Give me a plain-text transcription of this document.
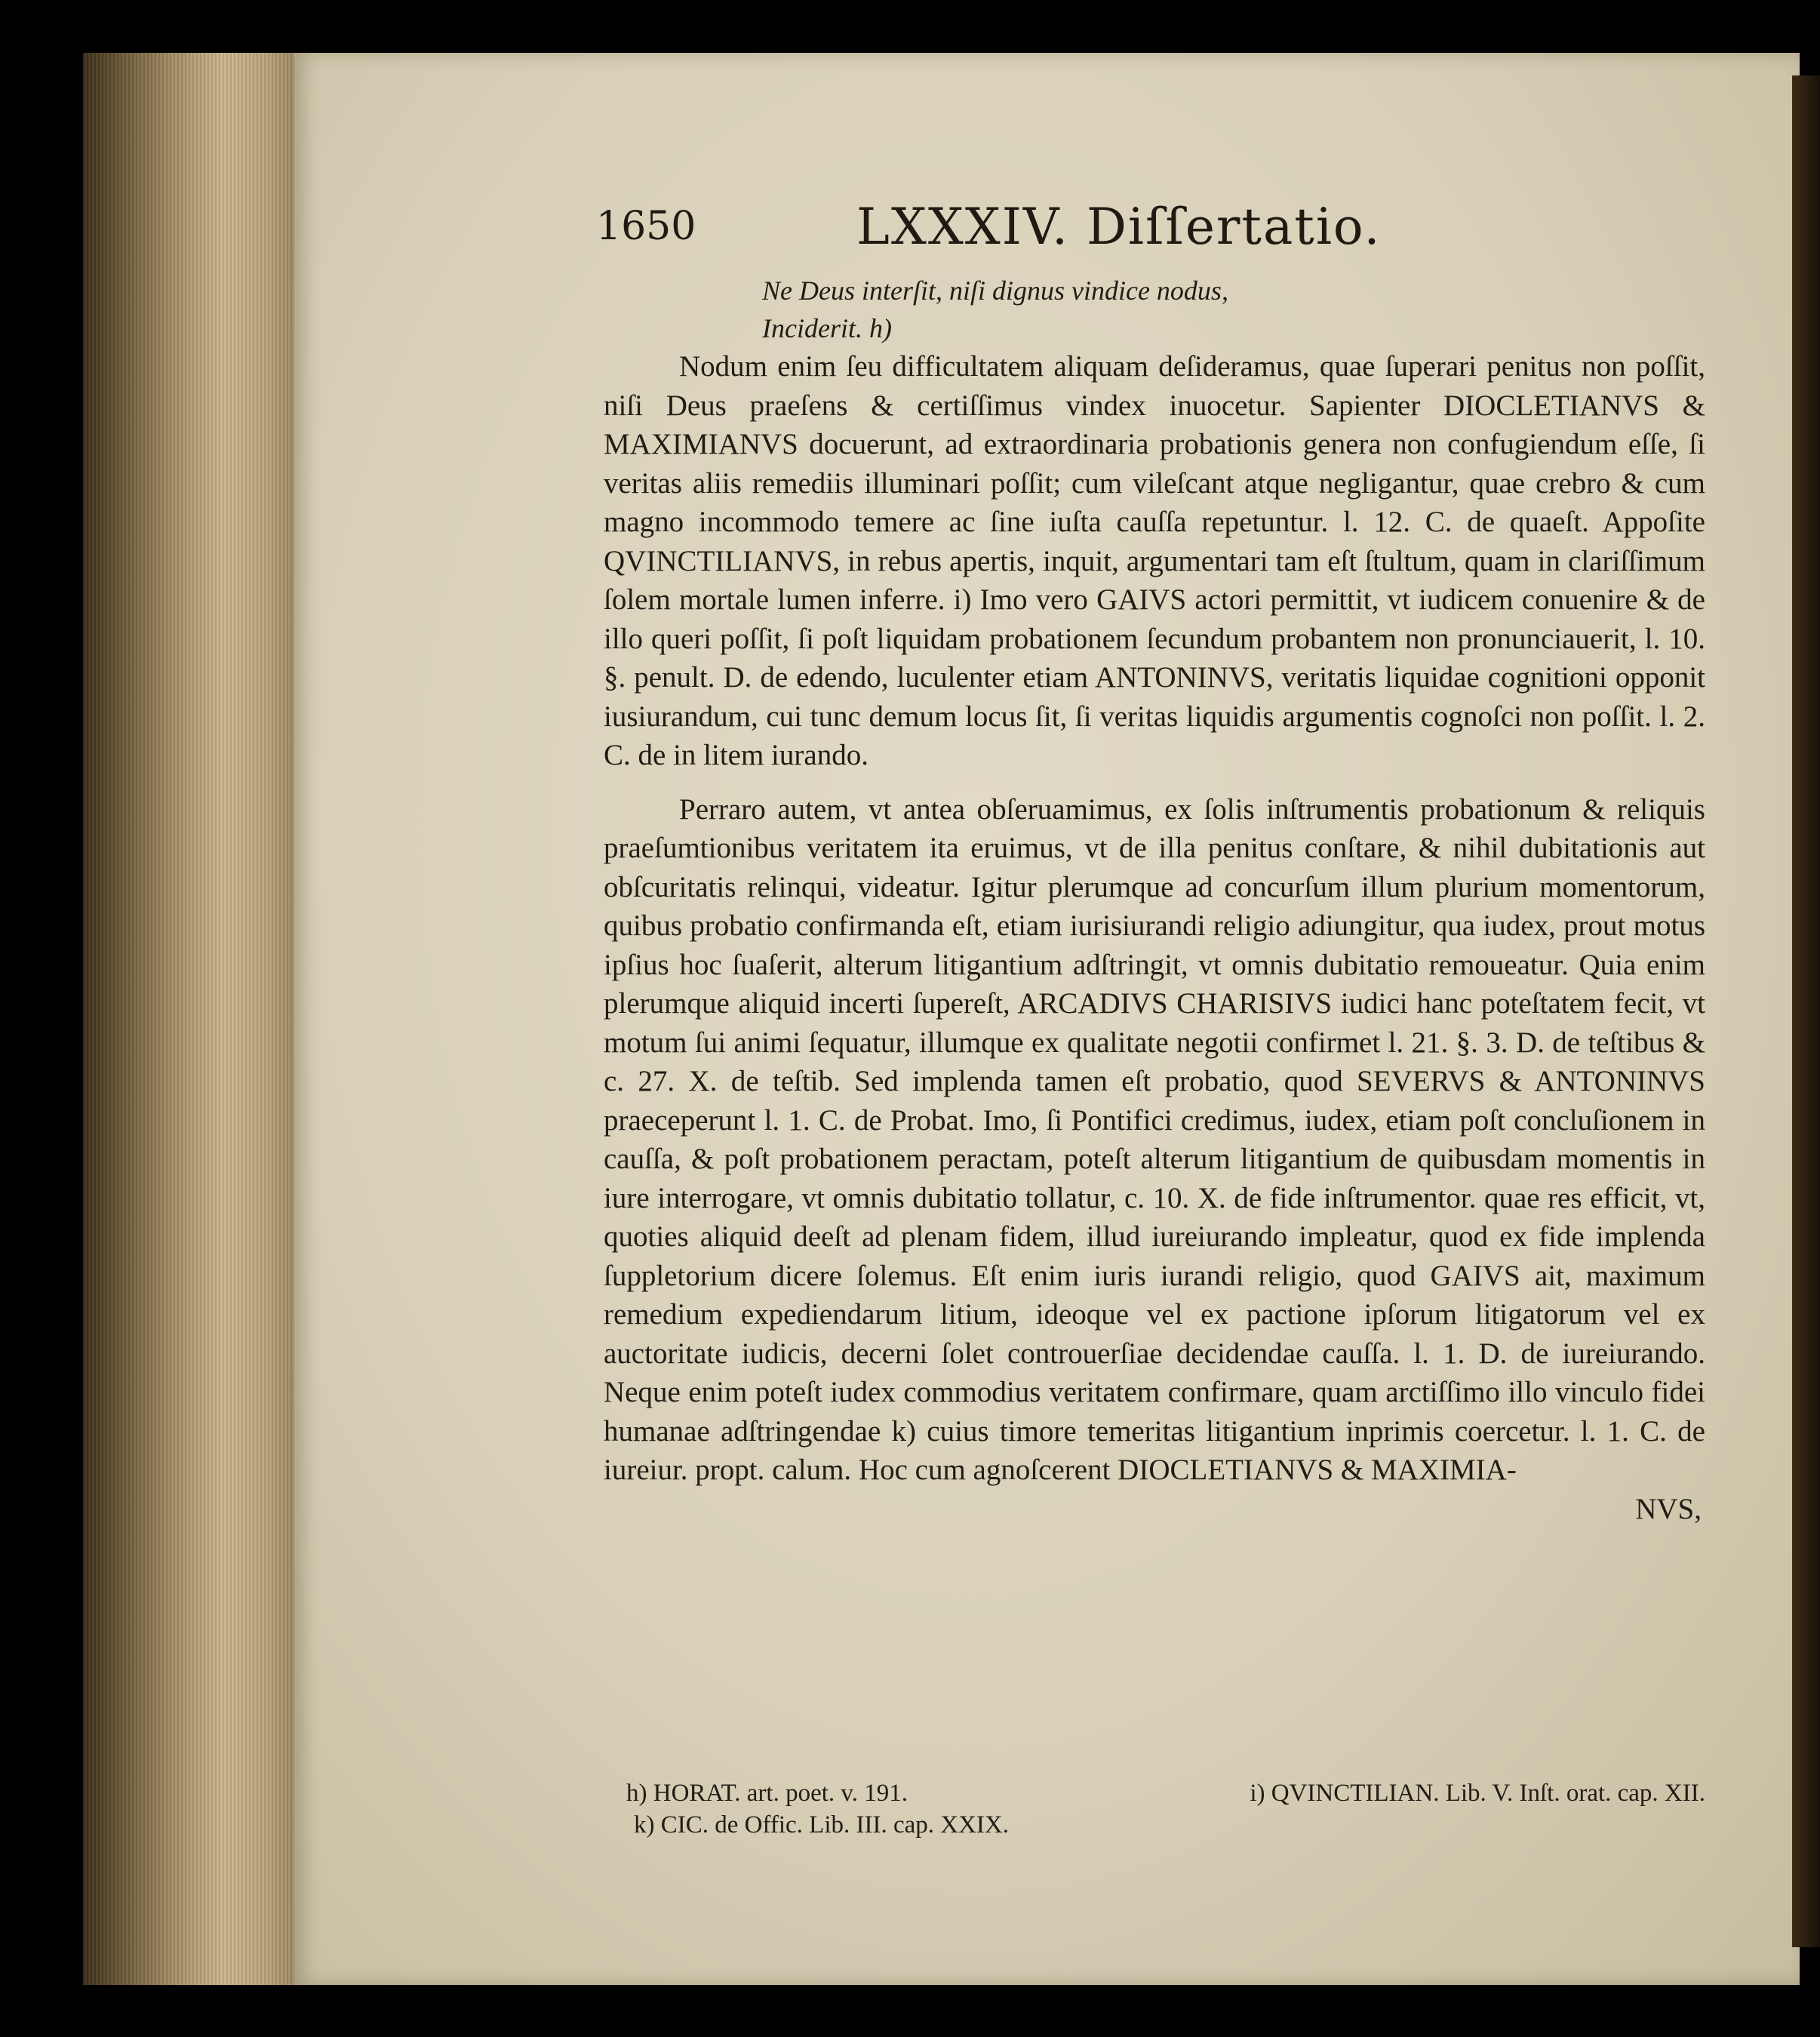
1650	LXXXIV. Diſſertatio.

Ne Deus interſit, niſi dignus vindice nodus,

Inciderit. h)

Nodum enim ſeu difficultatem aliquam deſideramus, quae ſuperari penitus non poſſit, niſi Deus praeſens & certiſſimus vindex inuocetur. Sapienter DIOCLETIANVS & MAXIMIANVS docuerunt, ad extraordinaria probationis genera non confugiendum eſſe, ſi veritas aliis remediis illuminari poſſit; cum vileſcant atque negligantur, quae crebro & cum magno incommodo temere ac ſine iuſta cauſſa repetuntur. l. 12. C. de quaeſt. Appoſite QVINCTILIANVS, in rebus apertis, inquit, argumentari tam eſt ſtultum, quam in clariſſimum ſolem mortale lumen inferre. i) Imo vero GAIVS actori permittit, vt iudicem conuenire & de illo queri poſſit, ſi poſt liquidam probationem ſecundum probantem non pronunciauerit, l. 10. §. penult. D. de edendo, luculenter etiam ANTONINVS, veritatis liquidae cognitioni opponit iusiurandum, cui tunc demum locus ſit, ſi veritas liquidis argumentis cognoſci non poſſit. l. 2. C. de in litem iurando.

Perraro autem, vt antea obſeruamimus, ex ſolis inſtrumentis probationum & reliquis praeſumtionibus veritatem ita eruimus, vt de illa penitus conſtare, & nihil dubitationis aut obſcuritatis relinqui, videatur. Igitur plerumque ad concurſum illum plurium momentorum, quibus probatio confirmanda eſt, etiam iurisiurandi religio adiungitur, qua iudex, prout motus ipſius hoc ſuaſerit, alterum litigantium adſtringit, vt omnis dubitatio remoueatur. Quia enim plerumque aliquid incerti ſupereſt, ARCADIVS CHARISIVS iudici hanc poteſtatem fecit, vt motum ſui animi ſequatur, illumque ex qualitate negotii confirmet l. 21. §. 3. D. de teſtibus & c. 27. X. de teſtib. Sed implenda tamen eſt probatio, quod SEVERVS & ANTONINVS praeceperunt l. 1. C. de Probat. Imo, ſi Pontifici credimus, iudex, etiam poſt concluſionem in cauſſa, & poſt probationem peractam, poteſt alterum litigantium de quibusdam momentis in iure interrogare, vt omnis dubitatio tollatur, c. 10. X. de fide inſtrumentor. quae res efficit, vt, quoties aliquid deeſt ad plenam fidem, illud iureiurando impleatur, quod ex fide implenda ſuppletorium dicere ſolemus. Eſt enim iuris iurandi religio, quod GAIVS ait, maximum remedium expediendarum litium, ideoque vel ex pactione ipſorum litigatorum vel ex auctoritate iudicis, decerni ſolet controuerſiae decidendae cauſſa. l. 1. D. de iureiurando. Neque enim poteſt iudex commodius veritatem confirmare, quam arctiſſimo illo vinculo fidei humanae adſtringendae k) cuius timore temeritas litigantium inprimis coercetur. l. 1. C. de iureiur. propt. calum. Hoc cum agnoſcerent DIOCLETIANVS & MAXIMIA-

NVS,

h) HORAT. art. poet. v. 191.	i) QVINCTILIAN. Lib. V. Inſt. orat. cap. XII.

k) CIC. de Offic. Lib. III. cap. XXIX.
